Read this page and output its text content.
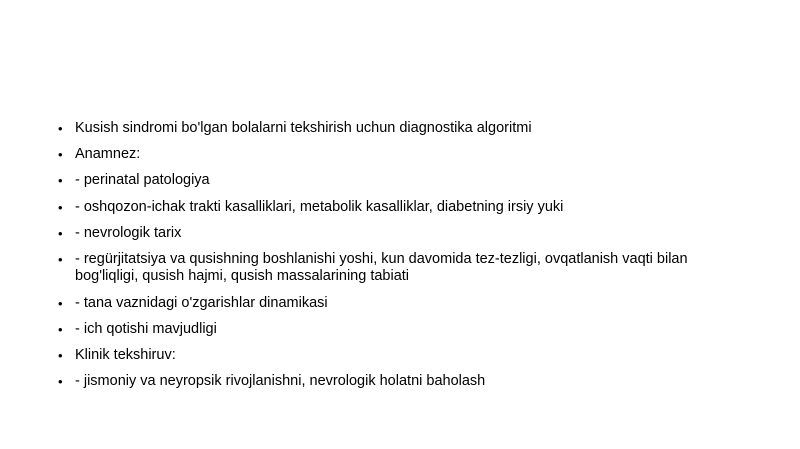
• Kusish sindromi bo'lgan bolalarni tekshirish uchun diagnostika algoritmi
• Anamnez:
• - perinatal patologiya
• - oshqozon-ichak trakti kasalliklari, metabolik kasalliklar, diabetning irsiy yuki
• - nevrologik tarix
• - regürjitatsiya va qusishning boshlanishi yoshi, kun davomida tez-tezligi, ovqatlanish vaqti bilan bog'liqligi, qusish hajmi, qusish massalarining tabiati
• - tana vaznidagi o'zgarishlar dinamikasi
• - ich qotishi mavjudligi
• Klinik tekshiruv:
• - jismoniy va neyropsik rivojlanishni, nevrologik holatni baholash
